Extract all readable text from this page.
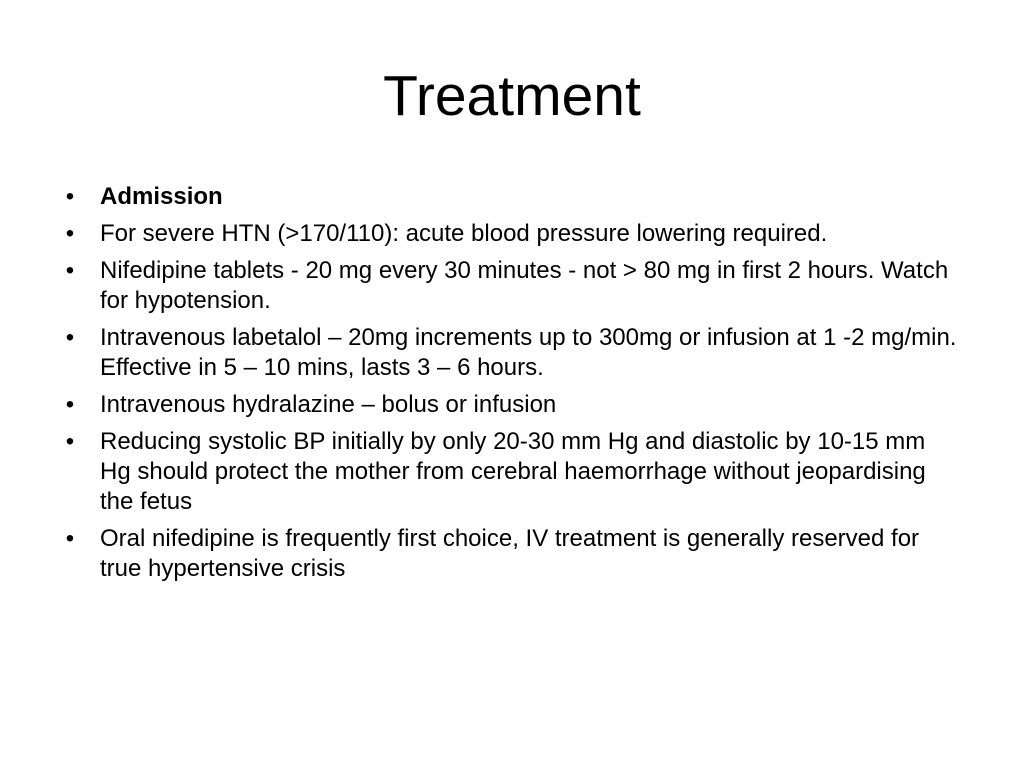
Treatment
• Admission
• For severe HTN (>170/110): acute blood pressure lowering required.
• Nifedipine tablets - 20 mg every 30 minutes - not > 80 mg in first 2 hours. Watch for hypotension.
• Intravenous labetalol – 20mg increments up to 300mg or infusion at 1 -2 mg/min. Effective in 5 – 10 mins, lasts 3 – 6 hours.
• Intravenous hydralazine – bolus or infusion
• Reducing systolic BP initially by only 20-30 mm Hg and diastolic by 10-15 mm Hg should protect the mother from cerebral haemorrhage without jeopardising the fetus
• Oral nifedipine is frequently first choice, IV treatment is generally reserved for true hypertensive crisis
